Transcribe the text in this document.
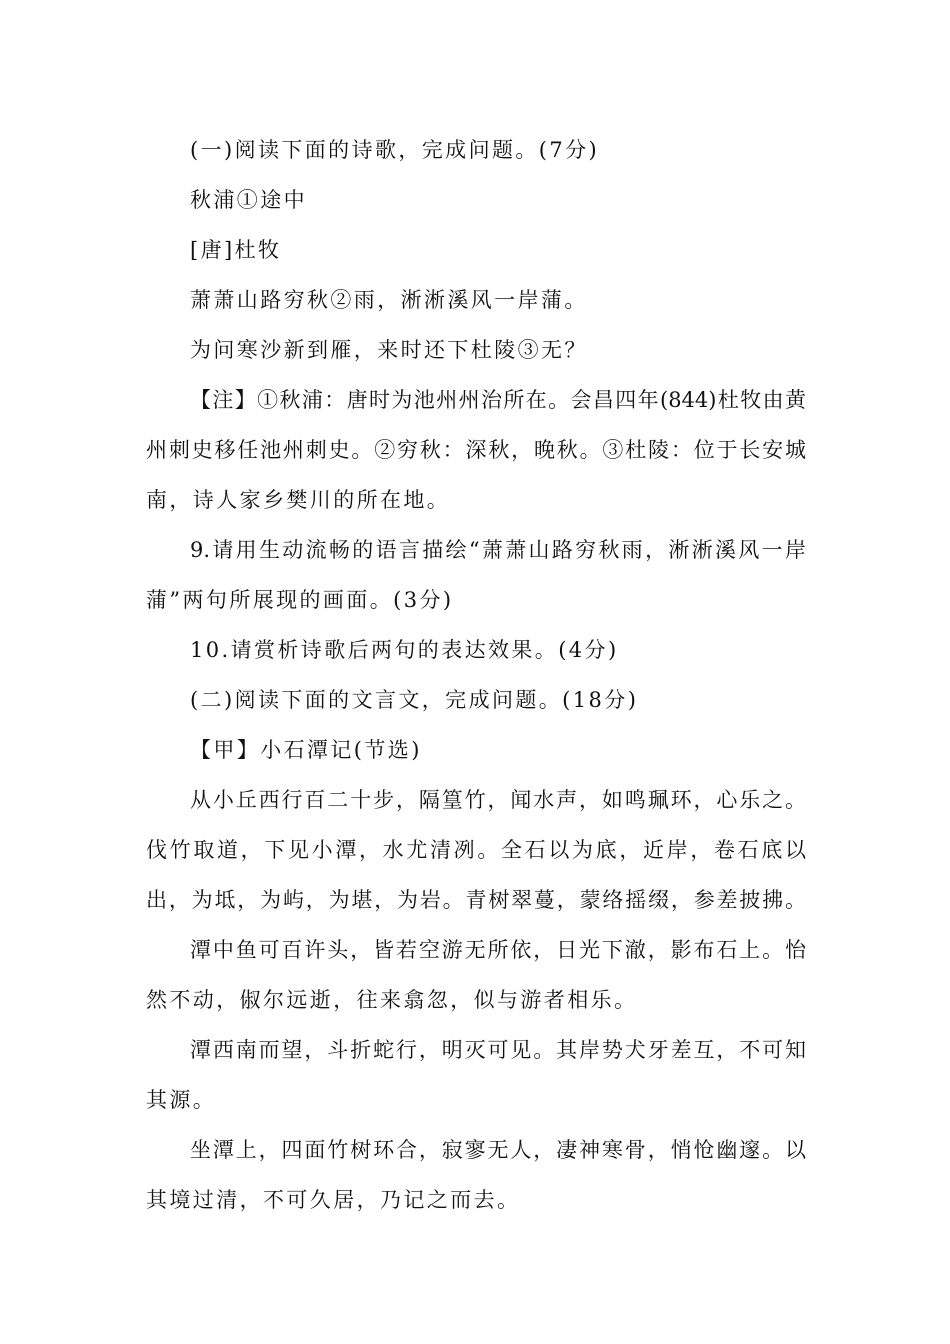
(一)阅读下面的诗歌，完成问题。(7分)
秋浦①途中
[唐]杜牧
萧萧山路穷秋②雨，淅淅溪风一岸蒲。
为问寒沙新到雁，来时还下杜陵③无？
【注】①秋浦：唐时为池州州治所在。会昌四年(844)杜牧由黄
州刺史移任池州刺史。②穷秋：深秋，晚秋。③杜陵：位于长安城
南，诗人家乡樊川的所在地。
9.请用生动流畅的语言描绘“萧萧山路穷秋雨，淅淅溪风一岸
蒲”两句所展现的画面。(3分)
10.请赏析诗歌后两句的表达效果。(4分)
(二)阅读下面的文言文，完成问题。(18分)
【甲】小石潭记(节选)
从小丘西行百二十步，隔篁竹，闻水声，如鸣珮环，心乐之。
伐竹取道，下见小潭，水尤清冽。全石以为底，近岸，卷石底以
出，为坻，为屿，为堪，为岩。青树翠蔓，蒙络摇缀，参差披拂。
潭中鱼可百许头，皆若空游无所依，日光下澈，影布石上。怡
然不动，俶尔远逝，往来翕忽，似与游者相乐。
潭西南而望，斗折蛇行，明灭可见。其岸势犬牙差互，不可知
其源。
坐潭上，四面竹树环合，寂寥无人，凄神寒骨，悄怆幽邃。以
其境过清，不可久居，乃记之而去。
